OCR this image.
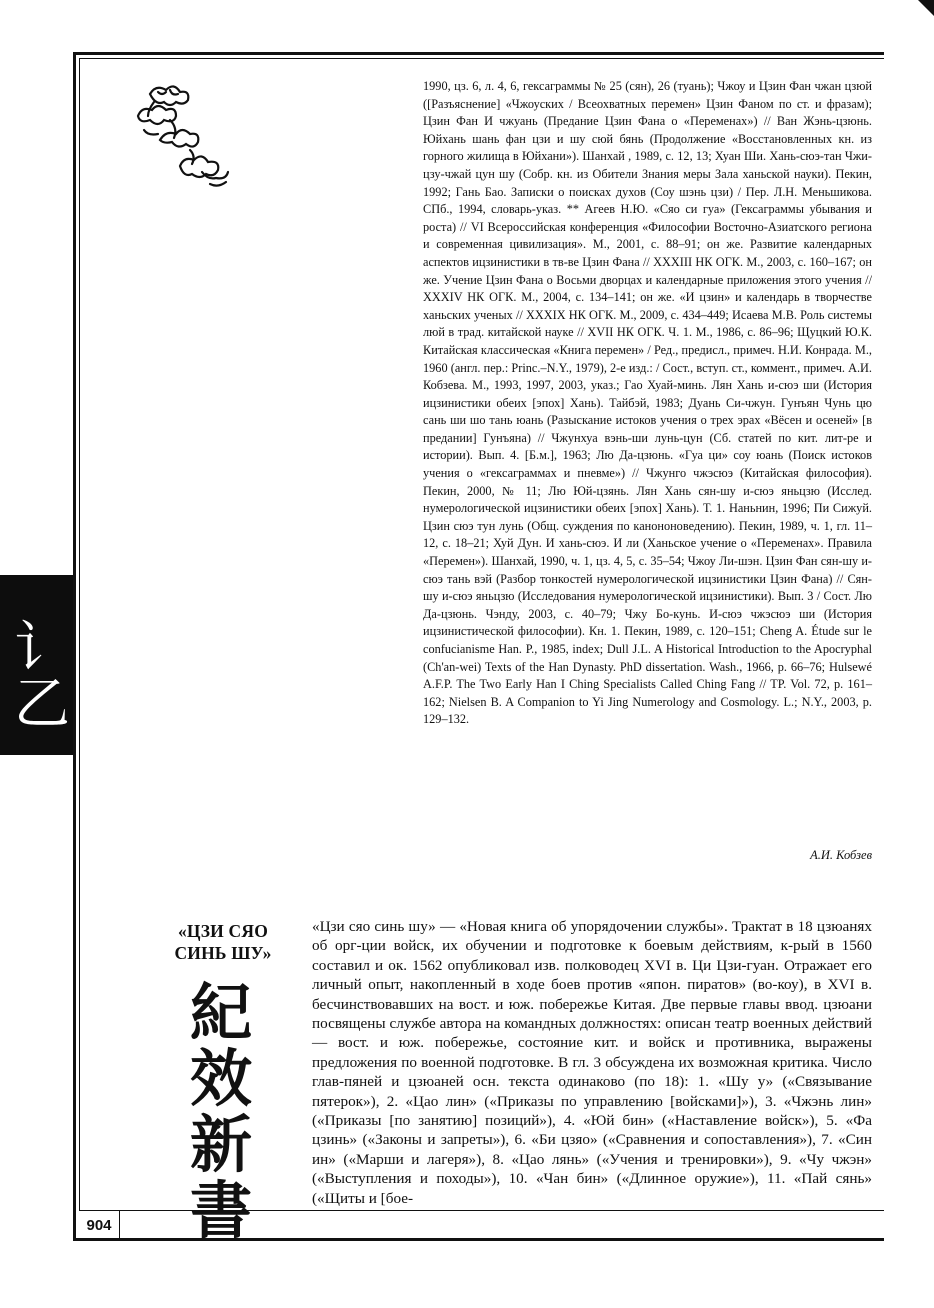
讠乙
904

1990, цз. 6, л. 4, 6, гексаграммы № 25 (сян), 26 (туань); Чжоу и Цзин Фан чжан цзюй ([Разъяснение] «Чжоуских / Всеохватных перемен» Цзин Фаном по ст. и фразам); Цзин Фан И чжуань (Предание Цзин Фана о «Переменах») // Ван Жэнь-цзюнь. Юйхань шань фан цзи и шу сюй бянь (Продолжение «Восстановленных кн. из горного жилища в Юйхани»). Шанхай , 1989, с. 12, 13; Хуан Ши. Хань-сюэ-тан Чжи-цзу-чжай цун шу (Собр. кн. из Обители Знания меры Зала ханьской науки). Пекин, 1992; Гань Бао. Записки о поисках духов (Соу шэнь цзи) / Пер. Л.Н. Меньшикова. СПб., 1994, словарь-указ. ** Агеев Н.Ю. «Сяо си гуа» (Гексаграммы убывания и роста) // VI Всероссийская конференция «Философии Восточно-Азиатского региона и современная цивилизация». М., 2001, с. 88–91; он же. Развитие календарных аспектов ицзинистики в тв-ве Цзин Фана // XXXIII НК ОГК. М., 2003, с. 160–167; он же. Учение Цзин Фана о Восьми дворцах и календарные приложения этого учения // XXXIV НК ОГК. М., 2004, с. 134–141; он же. «И цзин» и календарь в творчестве ханьских ученых // XXXIX НК ОГК. М., 2009, с. 434–449; Исаева М.В. Роль системы люй в трад. китайской науке // XVII НК ОГК. Ч. 1. М., 1986, с. 86–96; Щуцкий Ю.К. Китайская классическая «Книга перемен» / Ред., предисл., примеч. Н.И. Конрада. М., 1960 (англ. пер.: Princ.–N.Y., 1979), 2-е изд.: / Сост., вступ. ст., коммент., примеч. А.И. Кобзева. М., 1993, 1997, 2003, указ.; Гао Хуай-минь. Лян Хань и-сюэ ши (История ицзинистики обеих [эпох] Хань). Тайбэй, 1983; Дуань Си-чжун. Гунъян Чунь цю сань ши шо тань юань (Разыскание истоков учения о трех эрах «Вёсен и осеней» [в предании] Гунъяна) // Чжунхуа вэнь-ши лунь-цун (Сб. статей по кит. лит-ре и истории). Вып. 4. [Б.м.], 1963; Лю Да-цзюнь. «Гуа ци» соу юань (Поиск истоков учения о «гексаграммах и пневме») // Чжунго чжэсюэ (Китайская философия). Пекин, 2000, № 11; Лю Юй-цзянь. Лян Хань сян-шу и-сюэ яньцзю (Исслед. нумерологической ицзинистики обеих [эпох] Хань). Т. 1. Наньнин, 1996; Пи Сижуй. Цзин сюэ тун лунь (Общ. суждения по канононоведению). Пекин, 1989, ч. 1, гл. 11–12, с. 18–21; Хуй Дун. И хань-сюэ. И ли (Ханьское учение о «Переменах». Правила «Перемен»). Шанхай, 1990, ч. 1, цз. 4, 5, с. 35–54; Чжоу Ли-шэн. Цзин Фан сян-шу и-сюэ тань вэй (Разбор тонкостей нумерологической ицзинистики Цзин Фана) // Сян-шу и-сюэ яньцзю (Исследования нумерологической ицзинистики). Вып. 3 / Сост. Лю Да-цзюнь. Чэнду, 2003, с. 40–79; Чжу Бо-кунь. И-сюэ чжэсюэ ши (История ицзинистической философии). Кн. 1. Пекин, 1989, с. 120–151; Cheng A. Étude sur le confucianisme Han. P., 1985, index; Dull J.L. A Historical Introduction to the Apocryphal (Ch'an-wei) Texts of the Han Dynasty. PhD dissertation. Wash., 1966, p. 66–76; Hulsewé A.F.P. The Two Early Han I Ching Specialists Called Ching Fang // TP. Vol. 72, p. 161–162; Nielsen B. A Companion to Yi Jing Numerology and Cosmology. L.; N.Y., 2003, p. 129–132.

А.И. Кобзев
«ЦЗИ СЯО
СИНЬ ШУ»
紀
效
新
書

«Цзи сяо синь шу» — «Новая книга об упорядочении службы». Трактат в 18 цзюанях об орг-ции войск, их обучении и подготовке к боевым действиям, к-рый в 1560 составил и ок. 1562 опубликовал изв. полководец XVI в. Ци Цзи-гуан. Отражает его личный опыт, накопленный в ходе боев против «япон. пиратов» (во-коу), в XVI в. бесчинствовавших на вост. и юж. побережье Китая. Две первые главы ввод. цзюани посвящены службе автора на командных должностях: описан театр военных действий — вост. и юж. побережье, состояние кит. и войск и противника, выражены предложения по военной подготовке. В гл. 3 обсуждена их возможная критика. Число глав-пяней и цзюаней осн. текста одинаково (по 18): 1. «Шу у» («Связывание пятерок»), 2. «Цао лин» («Приказы по управлению [войсками]»), 3. «Чжэнь лин» («Приказы [по занятию] позиций»), 4. «Юй бин» («Наставление войск»), 5. «Фа цзинь» («Законы и запреты»), 6. «Би цзяо» («Сравнения и сопоставления»), 7. «Син ин» («Марши и лагеря»), 8. «Цао лянь» («Учения и тренировки»), 9. «Чу чжэн» («Выступления и походы»), 10. «Чан бин» («Длинное оружие»), 11. «Пай сянь» («Щиты и [бое-
